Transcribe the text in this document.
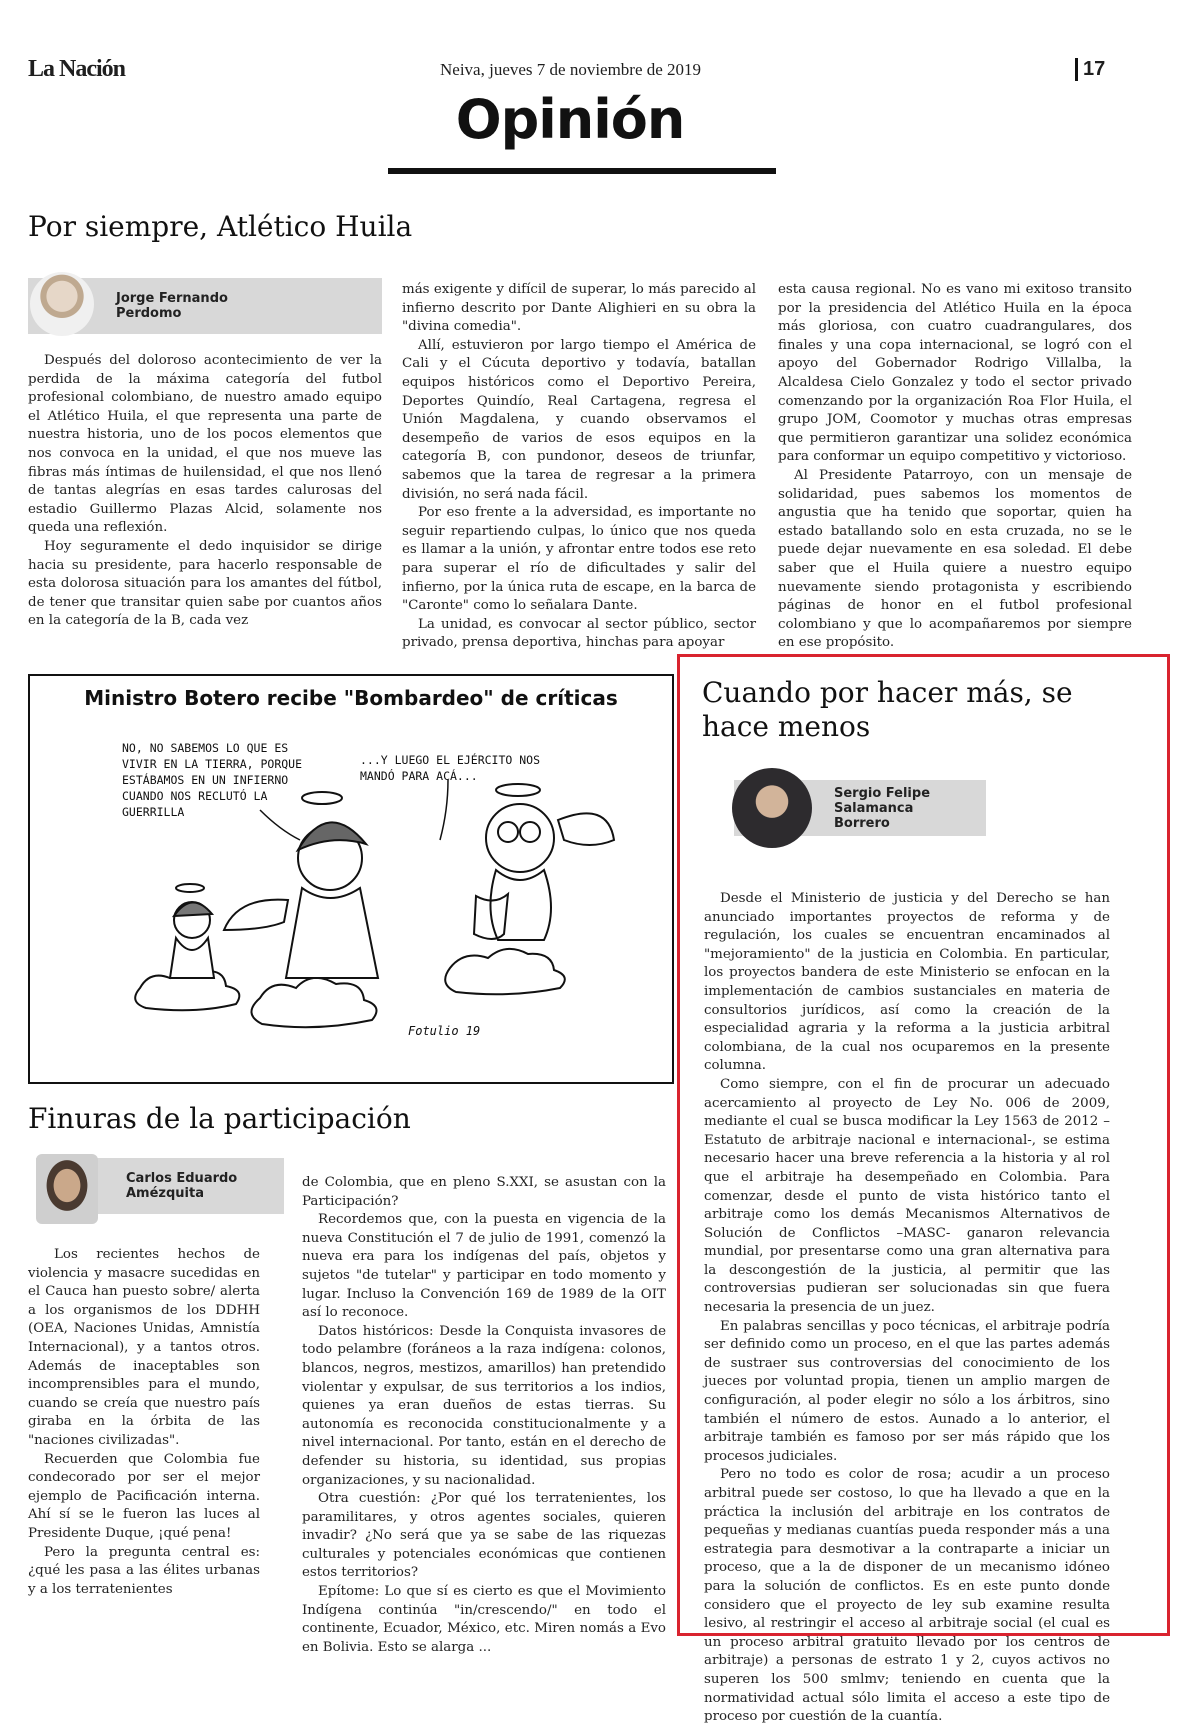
La Nación	Neiva, jueves 7 de noviembre de 2019	17
Opinión
Por siempre, Atlético Huila
Jorge Fernando Perdomo

Después del doloroso acontecimiento de ver la perdida de la máxima categoría del futbol profesional colombiano, de nuestro amado equipo el Atlético Huila, el que representa una parte de nuestra historia, uno de los pocos elementos que nos convoca en la unidad, el que nos mueve las fibras más íntimas de huilensidad, el que nos llenó de tantas alegrías en esas tardes calurosas del estadio Guillermo Plazas Alcid, solamente nos queda una reflexión.

Hoy seguramente el dedo inquisidor se dirige hacia su presidente, para hacerlo responsable de esta dolorosa situación para los amantes del fútbol, de tener que transitar quien sabe por cuantos años en la categoría de la B, cada vez

más exigente y difícil de superar, lo más parecido al infierno descrito por Dante Alighieri en su obra la "divina comedia".

Allí, estuvieron por largo tiempo el América de Cali y el Cúcuta deportivo y todavía, batallan equipos históricos como el Deportivo Pereira, Deportes Quindío, Real Cartagena, regresa el Unión Magdalena, y cuando observamos el desempeño de varios de esos equipos en la categoría B, con pundonor, deseos de triunfar, sabemos que la tarea de regresar a la primera división, no será nada fácil.

Por eso frente a la adversidad, es importante no seguir repartiendo culpas, lo único que nos queda es llamar a la unión, y afrontar entre todos ese reto para superar el río de dificultades y salir del infierno, por la única ruta de escape, en la barca de "Caronte" como lo señalara Dante.

La unidad, es convocar al sector público, sector privado, prensa deportiva, hinchas para apoyar

esta causa regional. No es vano mi exitoso transito por la presidencia del Atlético Huila en la época más gloriosa, con cuatro cuadrangulares, dos finales y una copa internacional, se logró con el apoyo del Gobernador Rodrigo Villalba, la Alcaldesa Cielo Gonzalez y todo el sector privado comenzando por la organización Roa Flor Huila, el grupo JOM, Coomotor y muchas otras empresas que permitieron garantizar una solidez económica para conformar un equipo competitivo y victorioso.

Al Presidente Patarroyo, con un mensaje de solidaridad, pues sabemos los momentos de angustia que ha tenido que soportar, quien ha estado batallando solo en esta cruzada, no se le puede dejar nuevamente en esa soledad. El debe saber que el Huila quiere a nuestro equipo nuevamente siendo protagonista y escribiendo páginas de honor en el futbol profesional colombiano y que lo acompañaremos por siempre en ese propósito.

Ministro Botero recibe "Bombardeo" de críticas
NO, NO SABEMOS LO QUE ES VIVIR EN LA TIERRA, PORQUE ESTÁBAMOS EN UN INFIERNO CUANDO NOS RECLUTÓ LA GUERRILLA
...Y LUEGO EL EJÉRCITO NOS MANDÓ PARA ACÁ...
Fotulio 19
Finuras de la participación
Carlos Eduardo Amézquita

Los recientes hechos de violencia y masacre sucedidas en el Cauca han puesto sobre/ alerta a los organismos de los DDHH (OEA, Naciones Unidas, Amnistía Internacional), y a tantos otros. Además de inaceptables son incomprensibles para el mundo, cuando se creía que nuestro país giraba en la órbita de las "naciones civilizadas".

Recuerden que Colombia fue condecorado por ser el mejor ejemplo de Pacificación interna. Ahí sí se le fueron las luces al Presidente Duque, ¡qué pena!

Pero la pregunta central es: ¿qué les pasa a las élites urbanas y a los terratenientes

de Colombia, que en pleno S.XXI, se asustan con la Participación?

Recordemos que, con la puesta en vigencia de la nueva Constitución el 7 de julio de 1991, comenzó la nueva era para los indígenas del país, objetos y sujetos "de tutelar" y participar en todo momento y lugar. Incluso la Convención 169 de 1989 de la OIT así lo reconoce.

Datos históricos: Desde la Conquista invasores de todo pelambre (foráneos a la raza indígena: colonos, blancos, negros, mestizos, amarillos) han pretendido violentar y expulsar, de sus territorios a los indios, quienes ya eran dueños de estas tierras. Su autonomía es reconocida constitucionalmente y a nivel internacional. Por tanto, están en el derecho de defender su historia, su identidad, sus propias organizaciones, y su nacionalidad.

Otra cuestión: ¿Por qué los terratenientes, los paramilitares, y otros agentes sociales, quieren invadir? ¿No será que ya se sabe de las riquezas culturales y potenciales económicas que contienen estos territorios?

Epítome: Lo que sí es cierto es que el Movimiento Indígena continúa "in/crescendo/" en todo el continente, Ecuador, México, etc. Miren nomás a Evo en Bolivia. Esto se alarga ...

Cuando por hacer más, se hace menos
Sergio Felipe Salamanca Borrero

Desde el Ministerio de justicia y del Derecho se han anunciado importantes proyectos de reforma y de regulación, los cuales se encuentran encaminados al "mejoramiento" de la justicia en Colombia. En particular, los proyectos bandera de este Ministerio se enfocan en la implementación de cambios sustanciales en materia de consultorios jurídicos, así como la creación de la especialidad agraria y la reforma a la justicia arbitral colombiana, de la cual nos ocuparemos en la presente columna.

Como siempre, con el fin de procurar un adecuado acercamiento al proyecto de Ley No. 006 de 2009, mediante el cual se busca modificar la Ley 1563 de 2012 –Estatuto de arbitraje nacional e internacional-, se estima necesario hacer una breve referencia a la historia y al rol que el arbitraje ha desempeñado en Colombia. Para comenzar, desde el punto de vista histórico tanto el arbitraje como los demás Mecanismos Alternativos de Solución de Conflictos –MASC- ganaron relevancia mundial, por presentarse como una gran alternativa para la descongestión de la justicia, al permitir que las controversias pudieran ser solucionadas sin que fuera necesaria la presencia de un juez.

En palabras sencillas y poco técnicas, el arbitraje podría ser definido como un proceso, en el que las partes además de sustraer sus controversias del conocimiento de los jueces por voluntad propia, tienen un amplio margen de configuración, al poder elegir no sólo a los árbitros, sino también el número de estos. Aunado a lo anterior, el arbitraje también es famoso por ser más rápido que los procesos judiciales.

Pero no todo es color de rosa; acudir a un proceso arbitral puede ser costoso, lo que ha llevado a que en la práctica la inclusión del arbitraje en los contratos de pequeñas y medianas cuantías pueda responder más a una estrategia para desmotivar a la contraparte a iniciar un proceso, que a la de disponer de un mecanismo idóneo para la solución de conflictos. Es en este punto donde considero que el proyecto de ley sub examine resulta lesivo, al restringir el acceso al arbitraje social (el cual es un proceso arbitral gratuito llevado por los centros de arbitraje) a personas de estrato 1 y 2, cuyos activos no superen los 500 smlmv; teniendo en cuenta que la normatividad actual sólo limita el acceso a este tipo de proceso por cuestión de la cuantía.
